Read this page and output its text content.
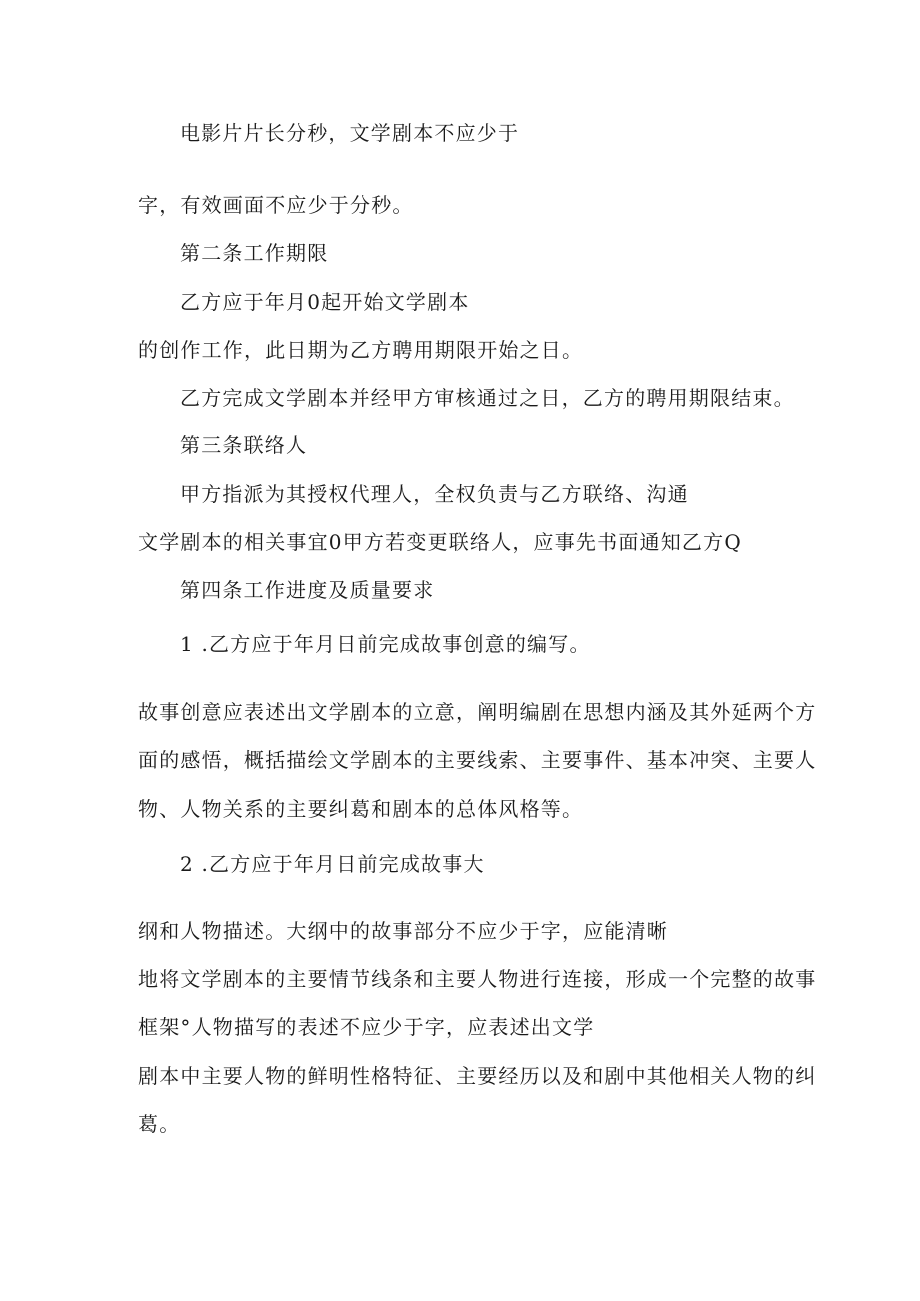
电影片片长分秒，文学剧本不应少于
字，有效画面不应少于分秒。
第二条工作期限
乙方应于年月0起开始文学剧本
的创作工作，此日期为乙方聘用期限开始之日。
乙方完成文学剧本并经甲方审核通过之日，乙方的聘用期限结束。
第三条联络人
甲方指派为其授权代理人，全权负责与乙方联络、沟通
文学剧本的相关事宜0甲方若变更联络人，应事先书面通知乙方Q
第四条工作进度及质量要求
1 .乙方应于年月日前完成故事创意的编写。
故事创意应表述出文学剧本的立意，阐明编剧在思想内涵及其外延两个方
面的感悟，概括描绘文学剧本的主要线索、主要事件、基本冲突、主要人
物、人物关系的主要纠葛和剧本的总体风格等。
2 .乙方应于年月日前完成故事大
纲和人物描述。大纲中的故事部分不应少于字，应能清晰
地将文学剧本的主要情节线条和主要人物进行连接，形成一个完整的故事
框架°人物描写的表述不应少于字，应表述出文学
剧本中主要人物的鲜明性格特征、主要经历以及和剧中其他相关人物的纠
葛。
